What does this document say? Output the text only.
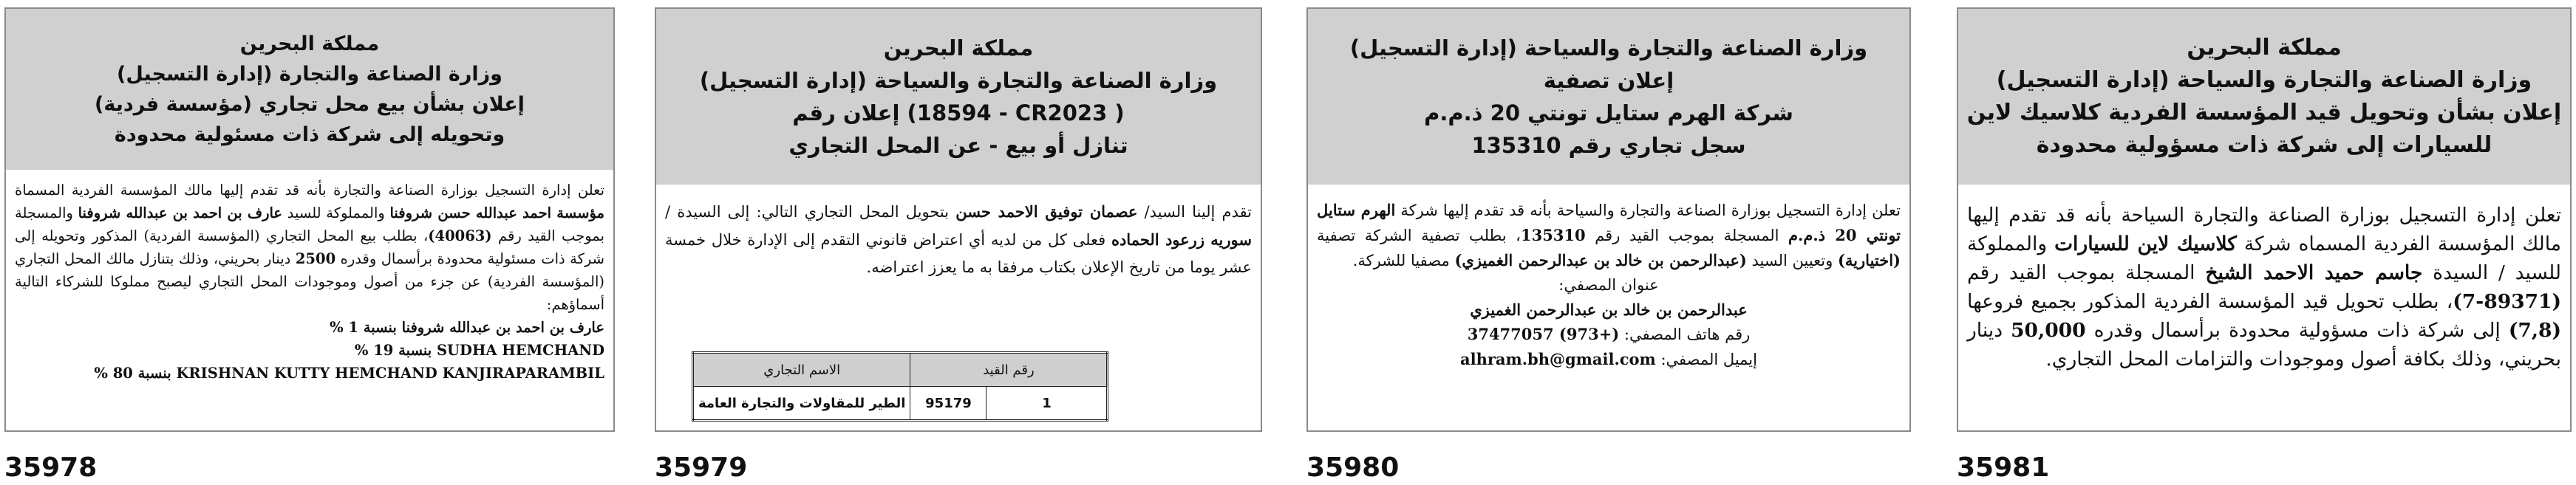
مملكة البحرين
وزارة الصناعة والتجارة (إدارة التسجيل)
إعلان بشأن بيع محل تجاري (مؤسسة فردية)
وتحويله إلى شركة ذات مسئولية محدودة

تعلن إدارة التسجيل بوزارة الصناعة والتجارة بأنه قد تقدم إليها مالك المؤسسة الفردية المسماة مؤسسة احمد عبدالله حسن شروفنا والمملوكة للسيد عارف بن احمد بن عبدالله شروفنا والمسجلة بموجب القيد رقم (40063)، بطلب بيع المحل التجاري (المؤسسة الفردية) المذكور وتحويله إلى شركة ذات مسئولية محدودة برأسمال وقدره 2500 دينار بحريني، وذلك بتنازل مالك المحل التجاري (المؤسسة الفردية) عن جزء من أصول وموجودات المحل التجاري ليصبح مملوكا للشركاء التالية أسماؤهم:

عارف بن احمد بن عبدالله شروفنا بنسبة 1 %

SUDHA HEMCHAND بنسبة 19 %

KRISHNAN KUTTY HEMCHAND KANJIRAPARAMBIL بنسبة 80 %

35978
مملكة البحرين
وزارة الصناعة والتجارة والسياحة (إدارة التسجيل)
إعلان رقم (18594 - CR2023 )
تنازل أو بيع - عن المحل التجاري

تقدم إلينا السيد/ عصمان توفيق الاحمد حسن بتحويل المحل التجاري التالي: إلى السيدة / سوريه زرعود الحماده فعلى كل من لديه أي اعتراض قانوني التقدم إلى الإدارة خلال خمسة عشر يوما من تاريخ الإعلان بكتاب مرفقا به ما يعزز اعتراضه.

رقم القيد		الاسم التجاري
1	95179	الطير للمقاولات والتجارة العامة
35979
وزارة الصناعة والتجارة والسياحة (إدارة التسجيل)
إعلان تصفية
شركة الهرم ستايل تونتي 20 ذ.م.م
سجل تجاري رقم 135310

تعلن إدارة التسجيل بوزارة الصناعة والتجارة والسياحة بأنه قد تقدم إليها شركة الهرم ستايل تونتي 20 ذ.م.م المسجلة بموجب القيد رقم 135310، بطلب تصفية الشركة تصفية (اختيارية) وتعيين السيد (عبدالرحمن بن خالد بن عبدالرحمن الغميزي) مصفيا للشركة.

عنوان المصفي:

عبدالرحمن بن خالد بن عبدالرحمن الغميزي

رقم هاتف المصفي: 37477057 (973+)

إيميل المصفي: alhram.bh@gmail.com

35980
مملكة البحرين
وزارة الصناعة والتجارة والسياحة (إدارة التسجيل)
إعلان بشأن وتحويل قيد المؤسسة الفردية كلاسيك لاين
للسيارات إلى شركة ذات مسؤولية محدودة

تعلن إدارة التسجيل بوزارة الصناعة والتجارة السياحة بأنه قد تقدم إليها مالك المؤسسة الفردية المسماه شركة كلاسيك لاين للسيارات والمملوكة للسيد / السيدة جاسم حميد الاحمد الشيخ المسجلة بموجب القيد رقم (89371-7)، بطلب تحويل قيد المؤسسة الفردية المذكور بجميع فروعها (7,8) إلى شركة ذات مسؤولية محدودة برأسمال وقدره 50,000 دينار بحريني، وذلك بكافة أصول وموجودات والتزامات المحل التجاري.

35981
